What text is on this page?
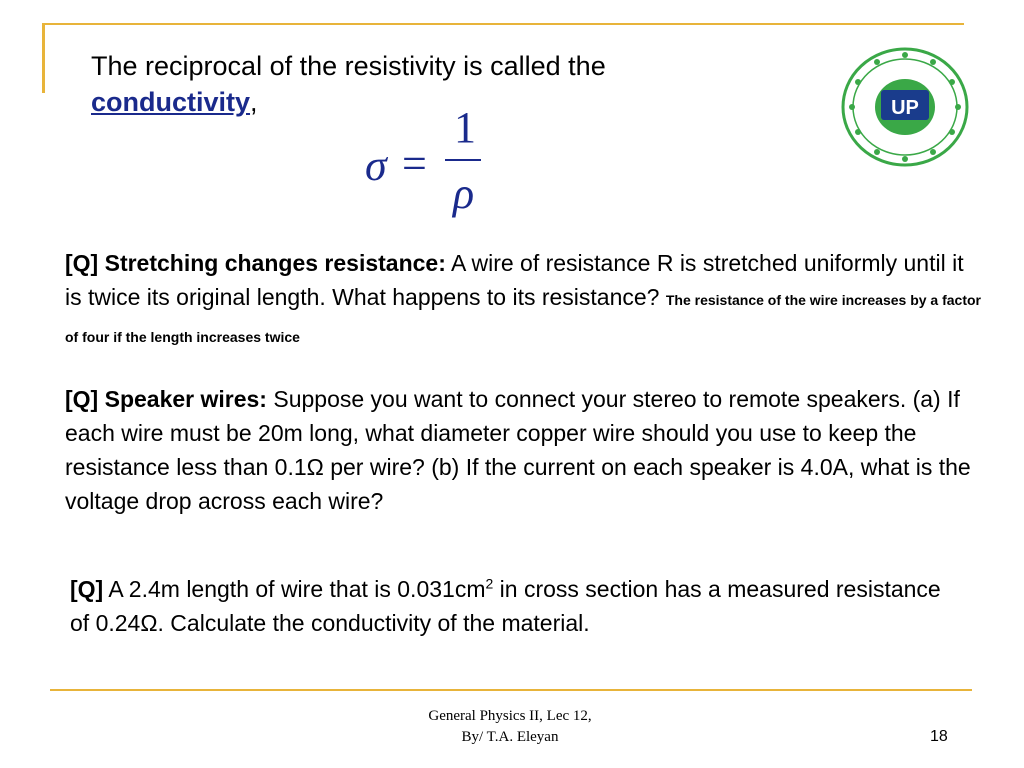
The reciprocal of the resistivity is called the
conductivity,
σ =
1
ρ
UP
[Q] Stretching changes resistance: A wire of resistance R is stretched uniformly until it is twice its original length. What happens to its resistance? The resistance of the wire increases by a factor of four if the length increases twice
[Q] Speaker wires: Suppose you want to connect your stereo to remote speakers. (a) If each wire must be 20m long, what diameter copper wire should you use to keep the resistance less than 0.1Ω per wire? (b) If the current on each speaker is 4.0A, what is the voltage drop across each wire?
[Q] A 2.4m length of wire that is $0.031cm^2$ in cross section has a measured resistance of 0.24Ω. Calculate the conductivity of the material.
General Physics II, Lec 12,
By/ T.A. Eleyan	18
